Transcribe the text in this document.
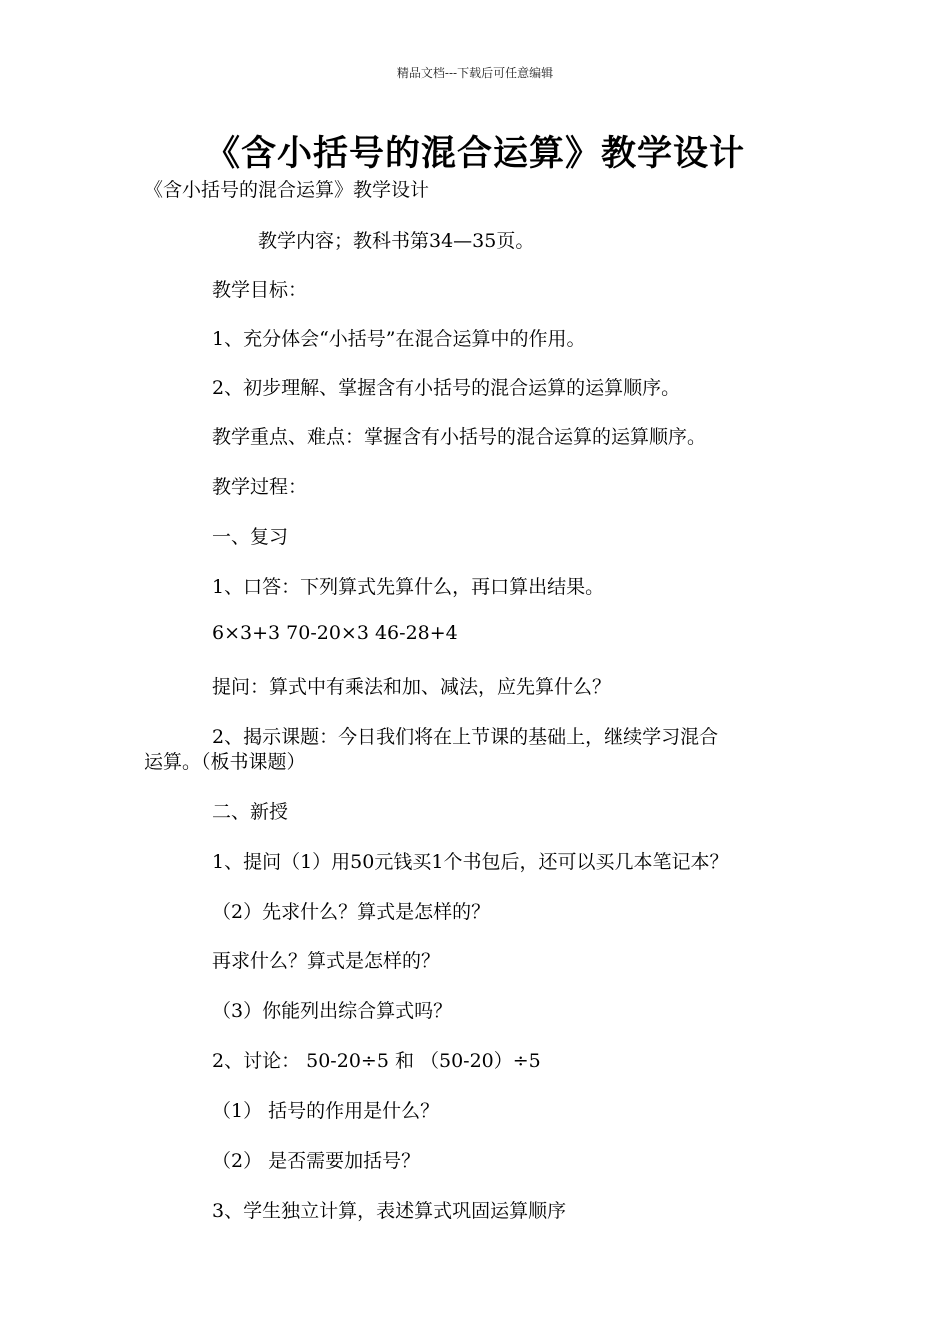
精品文档---下载后可任意编辑
《含小括号的混合运算》教学设计
《含小括号的混合运算》教学设计
教学内容；教科书第34—35页。
教学目标：
1、充分体会“小括号”在混合运算中的作用。
2、初步理解、掌握含有小括号的混合运算的运算顺序。
教学重点、难点：掌握含有小括号的混合运算的运算顺序。
教学过程：
一、复习
1、口答：下列算式先算什么，再口算出结果。
6×3+3 70-20×3 46-28+4
提问：算式中有乘法和加、减法，应先算什么？
2、揭示课题：今日我们将在上节课的基础上，继续学习混合
运算。（板书课题）
二、新授
1、提问（1）用50元钱买1个书包后，还可以买几本笔记本？
（2）先求什么？算式是怎样的？
再求什么？算式是怎样的？
（3）你能列出综合算式吗？
2、讨论： 50-20÷5 和 （50-20）÷5
（1） 括号的作用是什么？
（2） 是否需要加括号？
3、学生独立计算，表述算式巩固运算顺序
